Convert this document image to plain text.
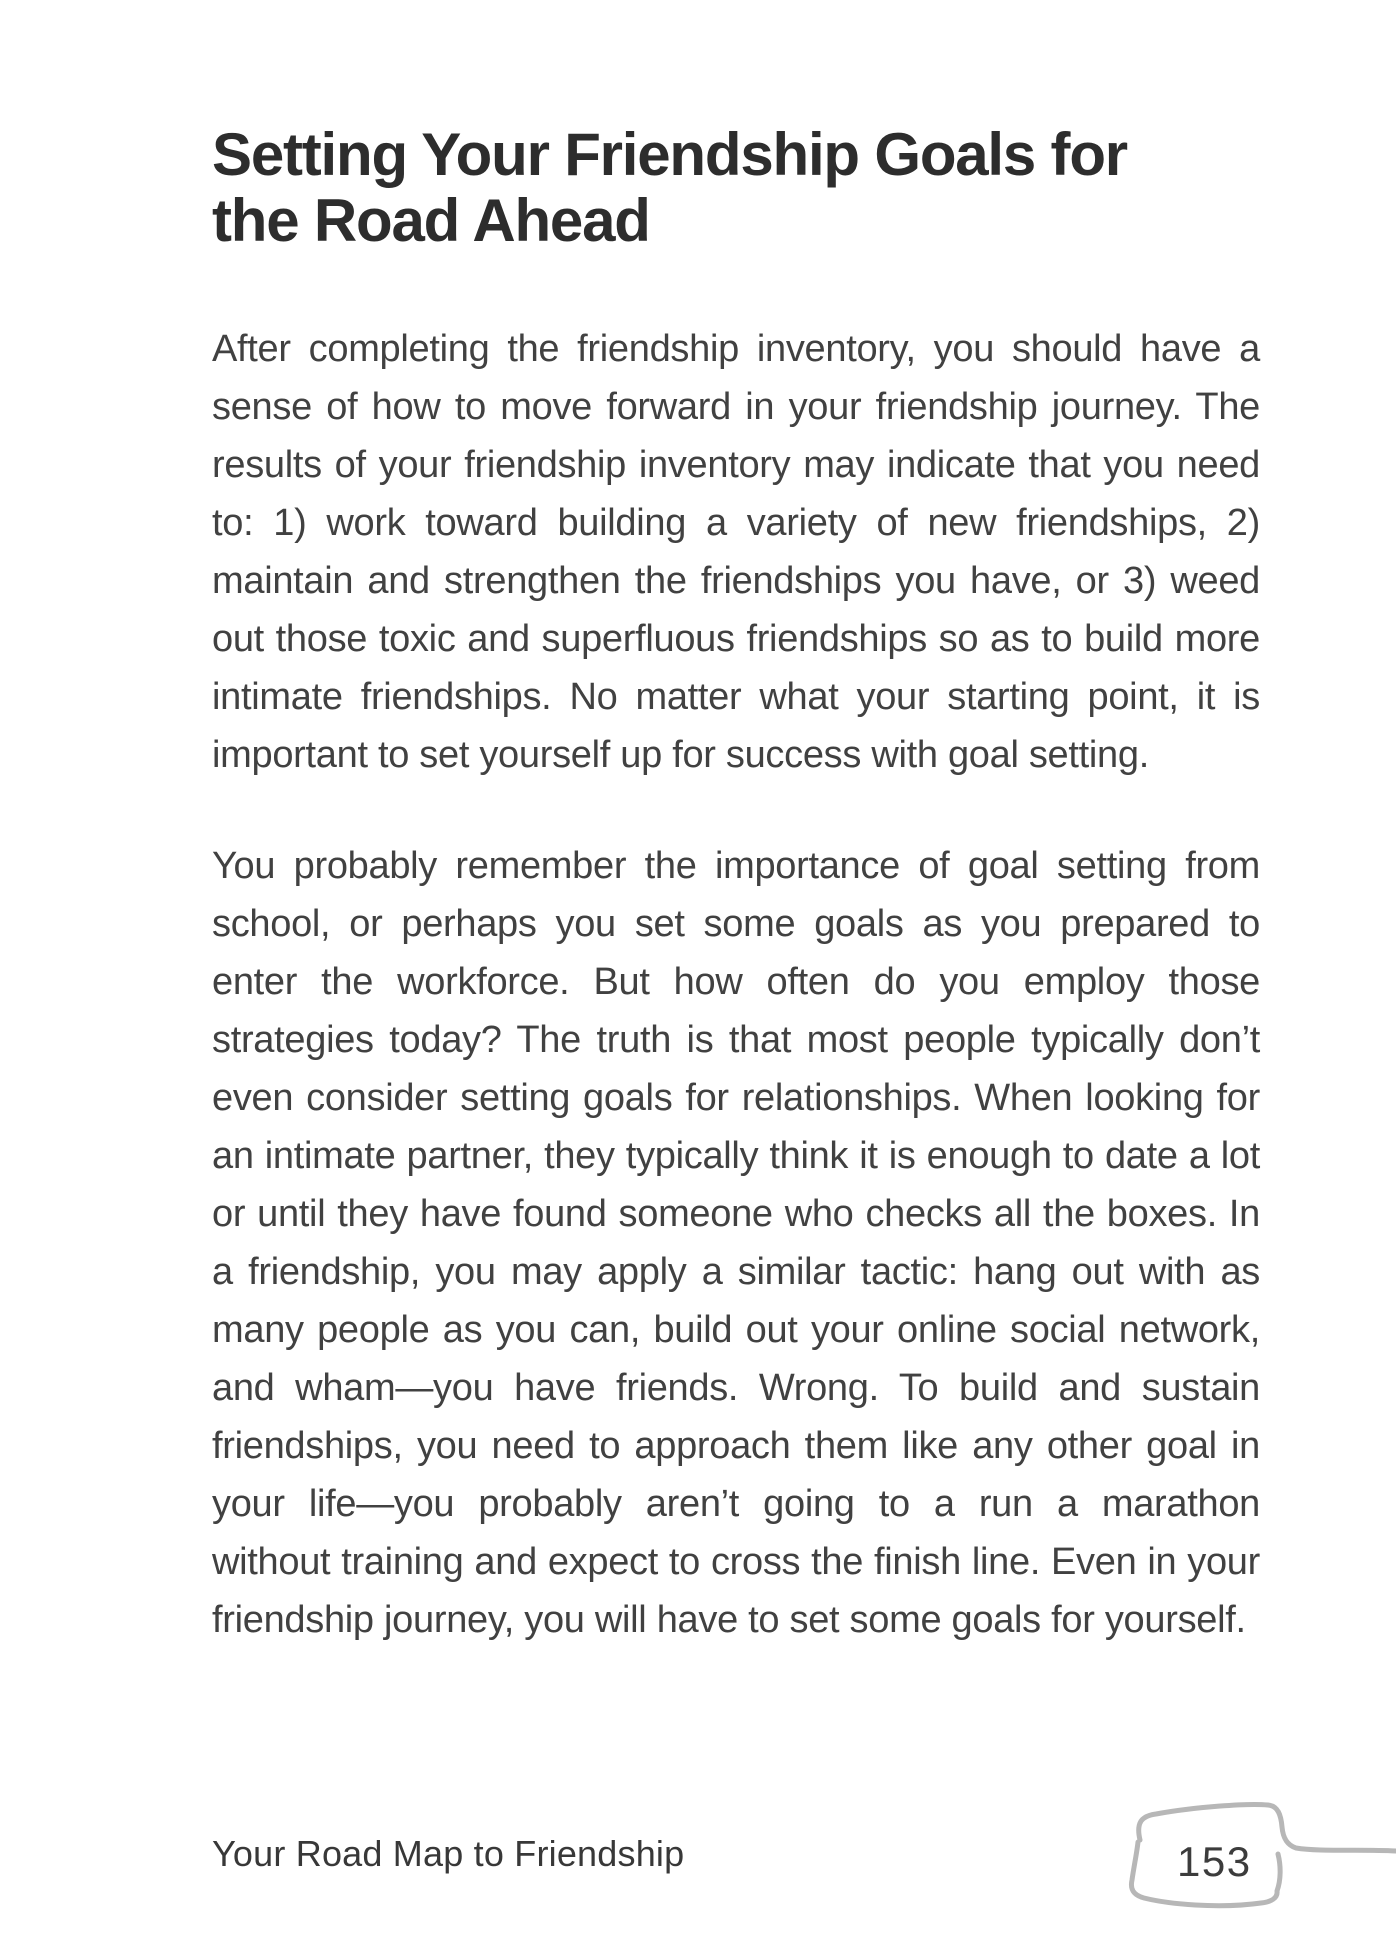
Setting Your Friendship Goals for
the Road Ahead

After completing the friendship inventory, you should have a sense of how to move forward in your friendship journey. The results of your friendship inventory may indicate that you need to: 1) work toward building a variety of new friendships, 2) maintain and strengthen the friendships you have, or 3) weed out those toxic and superfluous friendships so as to build more intimate friendships. No matter what your starting point, it is important to set yourself up for success with goal setting.

You probably remember the importance of goal setting from school, or perhaps you set some goals as you prepared to enter the workforce. But how often do you employ those strategies today? The truth is that most people typically don’t even consider setting goals for relationships. When looking for an intimate partner, they typically think it is enough to date a lot or until they have found someone who checks all the boxes. In a friendship, you may apply a similar tactic: hang out with as many people as you can, build out your online social network, and wham—you have friends. Wrong. To build and sustain friendships, you need to approach them like any other goal in your life—you probably aren’t going to a run a marathon without training and expect to cross the finish line. Even in your friendship journey, you will have to set some goals for yourself.

Your Road Map to Friendship	153
